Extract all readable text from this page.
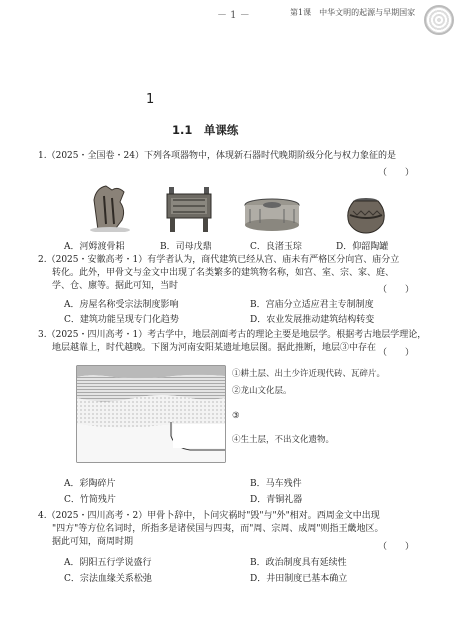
－ 1 －	第1课　中华文明的起源与早期国家
1
1.1　单课练
1.（2025・全国卷・24）下列各项器物中，体现新石器时代晚期阶级分化与权力象征的是
（　　）
A．河姆渡骨耜	B．司母戊鼎	C．良渚玉琮	D．仰韶陶罐
2.（2025・安徽高考・1）有学者认为，商代建筑已经从宫、庙未有严格区分向宫、庙分立
转化。此外，甲骨文与金文中出现了名类繁多的建筑物名称，如宫、室、宗、家、庭、
学、仓、廪等。据此可知，当时	（　　）
A．房屋名称受宗法制度影响	B．宫庙分立适应君主专制制度
C．建筑功能呈现专门化趋势	D．农业发展推动建筑结构转变
3.（2025・四川高考・1）考古学中，地层剖面考古的理论主要是地层学。根据考古地层学理论，
地层越靠上，时代越晚。下图为河南安阳某遗址地层图。据此推断，地层③中存在 （　　）
①耕土层、出土少许近现代砖、瓦碎片。
②龙山文化层。
③
④生土层，不出文化遗物。
A．彩陶碎片	B．马车残件
C．竹简残片	D．青铜礼器
4.（2025・四川高考・2）甲骨卜辞中，卜问灾祸时"毁"与"外"相对。西周金文中出现
"四方"等方位名词时，所指多是诸侯国与四夷，而"周、宗周、成周"则指王畿地区。
据此可知，商周时期	（　　）
A．阴阳五行学说盛行	B．政治制度具有延续性
C．宗法血缘关系松弛	D．井田制度已基本确立
